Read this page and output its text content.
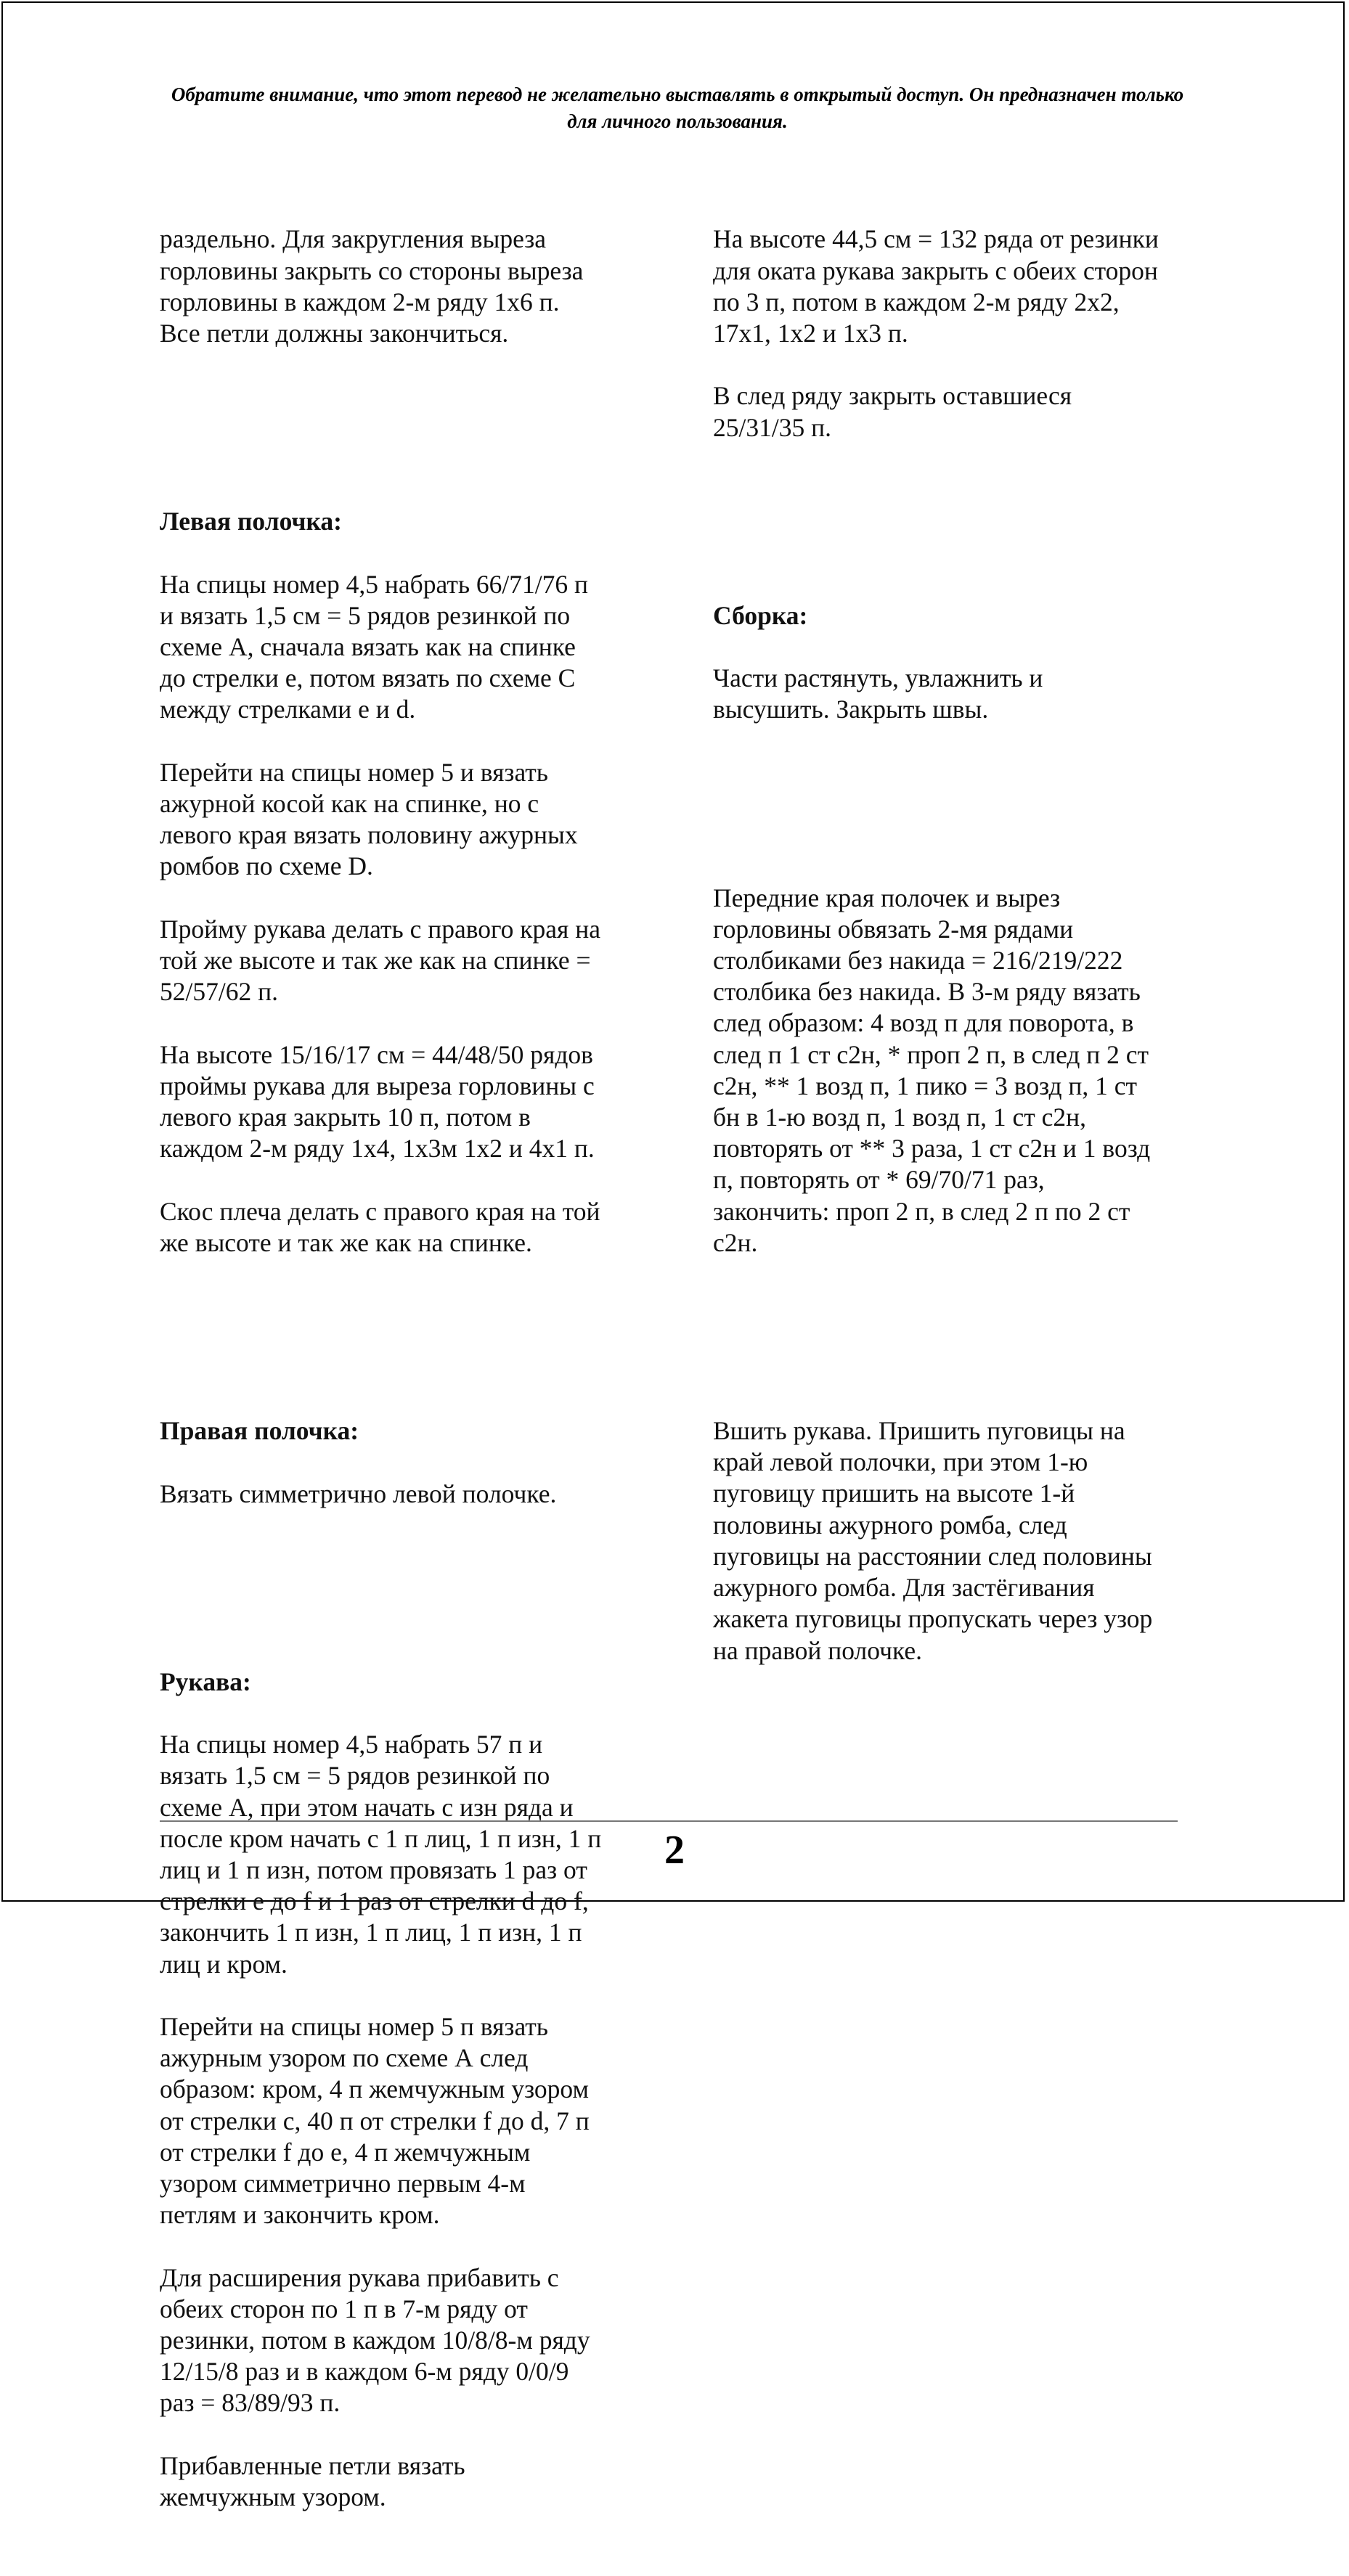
Обратите внимание, что этот перевод не желательно выставлять в открытый доступ. Он предназначен только для личного пользования.

раздельно. Для закругления выреза
горловины закрыть со стороны выреза
горловины в каждом 2-м ряду 1х6 п.
Все петли должны закончиться.

Левая полочка:

На спицы номер 4,5 набрать 66/71/76 п
и вязать 1,5 см = 5 рядов резинкой по
схеме А, сначала вязать как на спинке
до стрелки е, потом вязать по схеме С
между стрелками е и d.

Перейти на спицы номер 5 и вязать
ажурной косой как на спинке, но с
левого края вязать половину ажурных
ромбов по схеме D.

Пройму рукава делать с правого края на
той же высоте и так же как на спинке =
52/57/62 п.

На высоте 15/16/17 см = 44/48/50 рядов
проймы рукава для выреза горловины с
левого края закрыть 10 п, потом в
каждом 2-м ряду 1х4, 1х3м 1х2 и 4х1 п.

Скос плеча делать с правого края на той
же высоте и так же как на спинке.

Правая полочка:

Вязать симметрично левой полочке.

Рукава:

На спицы номер 4,5 набрать 57 п и
вязать 1,5 см = 5 рядов резинкой по
схеме А, при этом начать с изн ряда и
после кром начать с 1 п лиц, 1 п изн, 1 п
лиц и 1 п изн, потом провязать 1 раз от
стрелки е до f и 1 раз от стрелки d до f,
закончить 1 п изн, 1 п лиц, 1 п изн, 1 п
лиц и кром.

Перейти на спицы номер 5 п вязать
ажурным узором по схеме А след
образом: кром, 4 п жемчужным узором
от стрелки с, 40 п от стрелки f до d, 7 п
от стрелки f до е, 4 п жемчужным
узором симметрично первым 4-м
петлям и закончить кром.

Для расширения рукава прибавить с
обеих сторон по 1 п в 7-м ряду от
резинки, потом в каждом 10/8/8-м ряду
12/15/8 раз и в каждом 6-м ряду 0/0/9
раз = 83/89/93 п.

Прибавленные петли вязать
жемчужным узором.

На высоте 44,5 см = 132 ряда от резинки
для оката рукава закрыть с обеих сторон
по 3 п, потом в каждом 2-м ряду 2х2,
17х1, 1х2 и 1х3 п.

В след ряду закрыть оставшиеся
25/31/35 п.

Сборка:

Части растянуть, увлажнить и
высушить. Закрыть швы.

Передние края полочек и вырез
горловины обвязать 2-мя рядами
столбиками без накида = 216/219/222
столбика без накида. В 3-м ряду вязать
след образом: 4 возд п для поворота, в
след п 1 ст с2н, * проп 2 п, в след п 2 ст
с2н, ** 1 возд п, 1 пико = 3 возд п, 1 ст
бн в 1-ю возд п, 1 возд п, 1 ст с2н,
повторять от ** 3 раза, 1 ст с2н и 1 возд
п, повторять от * 69/70/71 раз,
закончить: проп 2 п, в след 2 п по 2 ст
с2н.

Вшить рукава. Пришить пуговицы на
край левой полочки, при этом 1-ю
пуговицу пришить на высоте 1-й
половины ажурного ромба, след
пуговицы на расстоянии след половины
ажурного ромба. Для застёгивания
жакета пуговицы пропускать через узор
на правой полочке.

2
